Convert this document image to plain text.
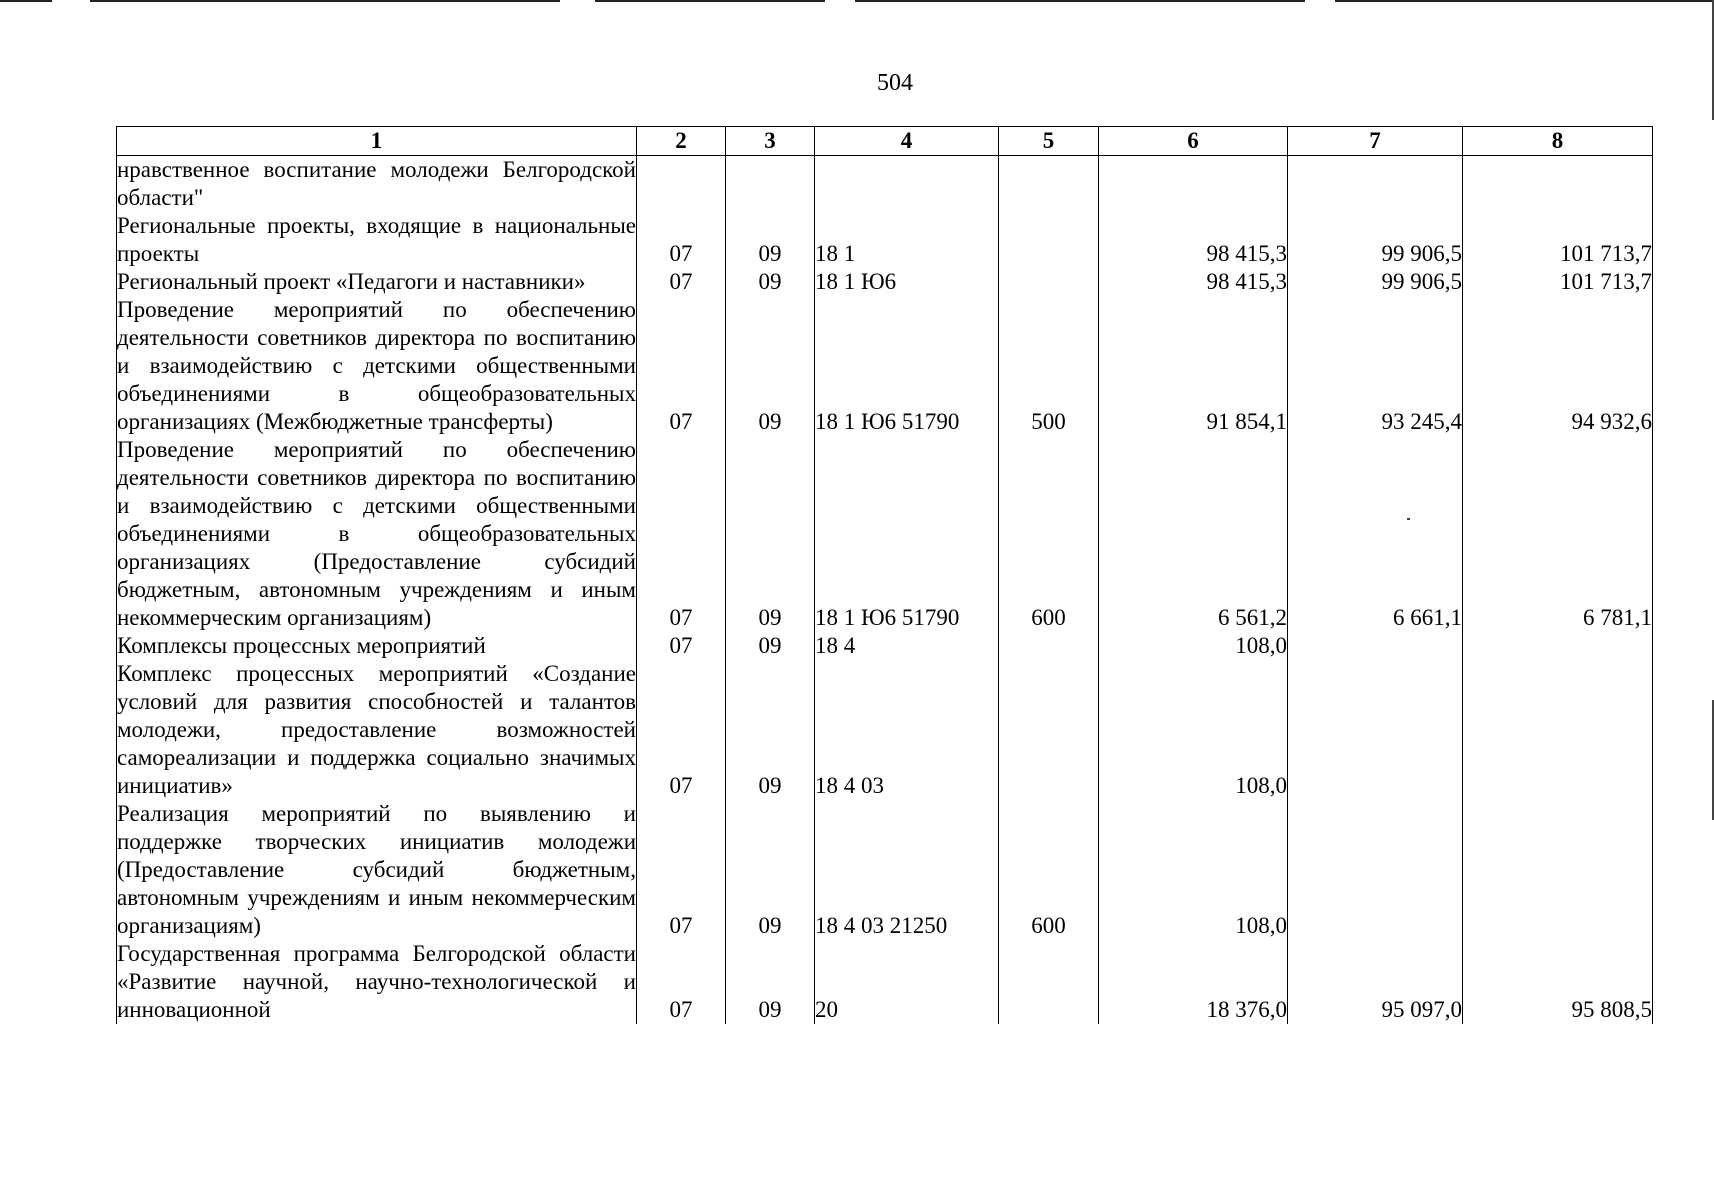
504
1	2	3	4	5	6	7	8
нравственное воспитание молодежи Белгородской области"							
Региональные проекты, входящие в национальные проекты	07	09	18 1		98 415,3	99 906,5	101 713,7
Региональный проект «Педагоги и наставники»	07	09	18 1 Ю6		98 415,3	99 906,5	101 713,7
Проведение мероприятий по обеспечению деятельности советников директора по воспитанию и взаимодействию с детскими общественными объединениями в общеобразовательных организациях (Межбюджетные трансферты)	07	09	18 1 Ю6 51790	500	91 854,1	93 245,4	94 932,6
Проведение мероприятий по обеспечению деятельности советников директора по воспитанию и взаимодействию с детскими общественными объединениями в общеобразовательных организациях (Предоставление субсидий бюджетным, автономным учреждениям и иным некоммерческим организациям)	07	09	18 1 Ю6 51790	600	6 561,2	6 661,1	6 781,1
Комплексы процессных мероприятий	07	09	18 4		108,0		
Комплекс процессных мероприятий «Создание условий для развития способностей и талантов молодежи, предоставление возможностей самореализации и поддержка социально значимых инициатив»	07	09	18 4 03		108,0		
Реализация мероприятий по выявлению и поддержке творческих инициатив молодежи (Предоставление субсидий бюджетным, автономным учреждениям и иным некоммерческим организациям)	07	09	18 4 03 21250	600	108,0		
Государственная программа Белгородской области «Развитие научной, научно-технологической и инновационной	07	09	20		18 376,0	95 097,0	95 808,5
